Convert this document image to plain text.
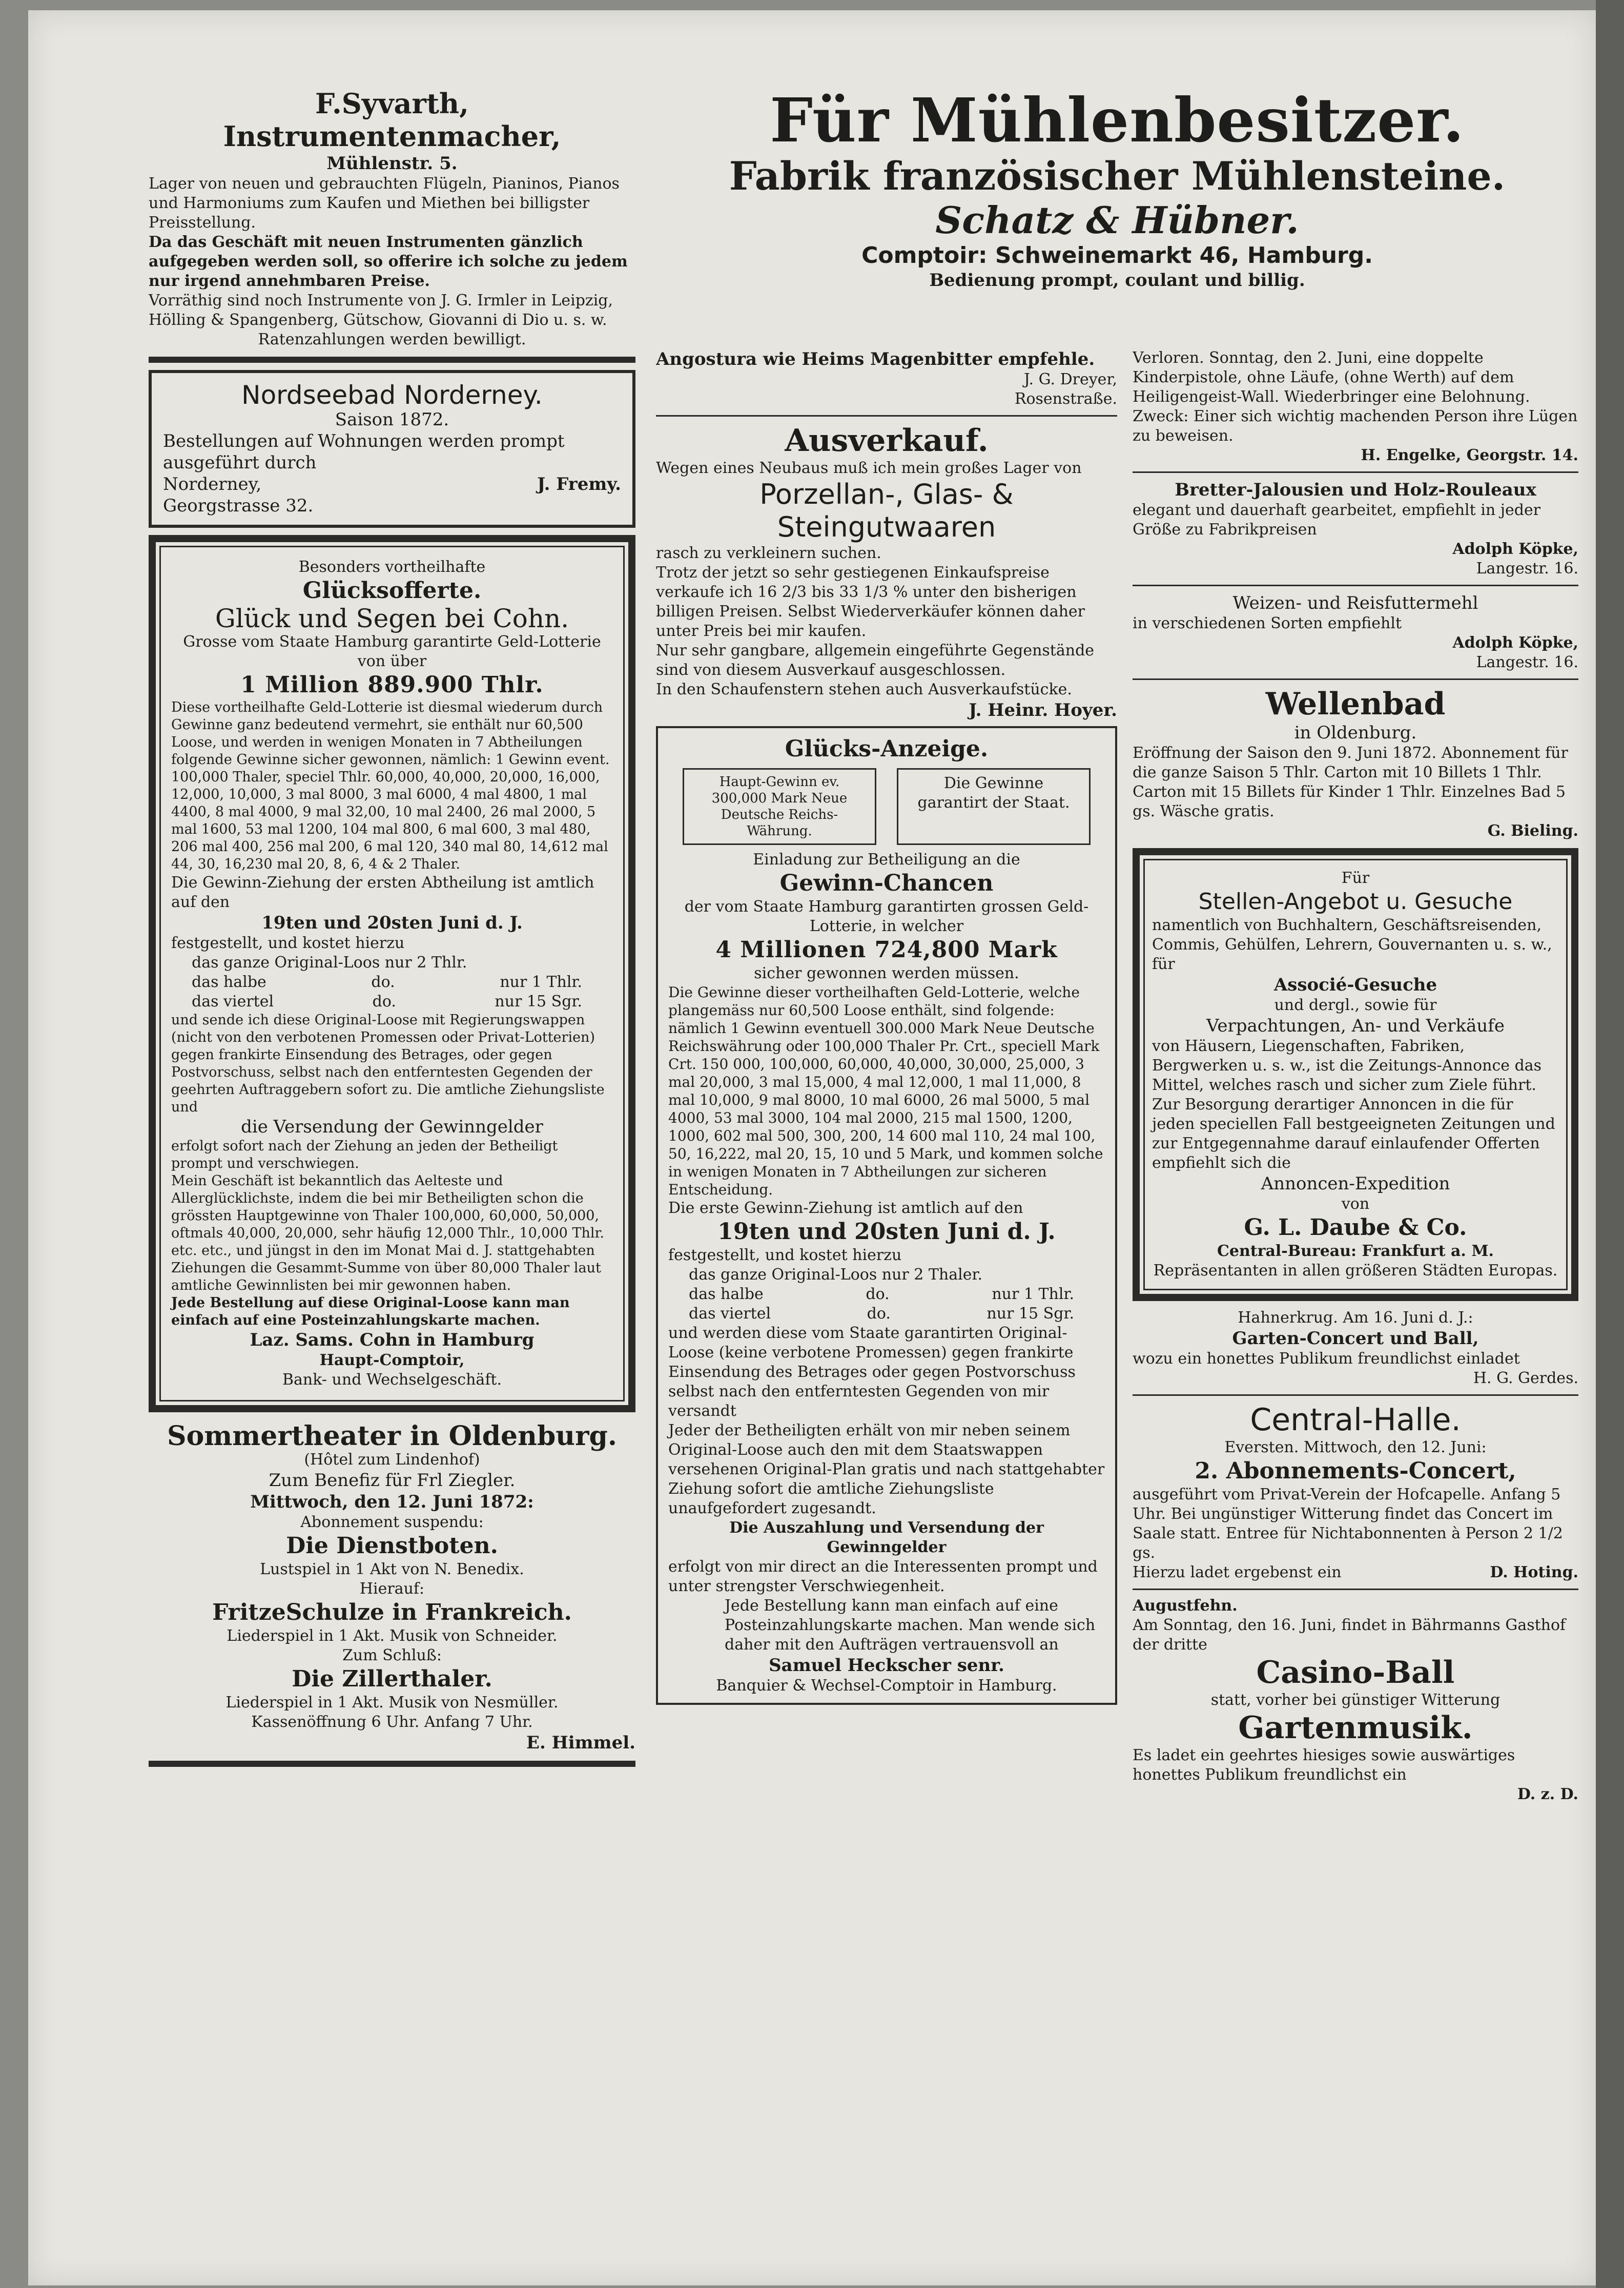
Für Mühlenbesitzer.
Fabrik französischer Mühlensteine.
Schatz & Hübner.
Comptoir: Schweinemarkt 46, Hamburg.
Bedienung prompt, coulant und billig.
F.Syvarth, Instrumentenmacher,
Mühlenstr. 5.

Lager von neuen und gebrauchten Flügeln, Pianinos, Pianos und Harmoniums zum Kaufen und Miethen bei billigster Preisstellung.

Da das Geschäft mit neuen Instrumenten gänzlich aufgegeben werden soll, so offerire ich solche zu jedem nur irgend annehmbaren Preise.

Vorräthig sind noch Instrumente von J. G. Irmler in Leipzig, Hölling & Spangenberg, Gütschow, Giovanni di Dio u. s. w.

Ratenzahlungen werden bewilligt.

Nordseebad Norderney.
Saison 1872.

Bestellungen auf Wohnungen werden prompt ausgeführt durch

Norderney,	J. Fremy.
Georgstrasse 32.
Besonders vortheilhafte
Glücksofferte.
Glück und Segen bei Cohn.
Grosse vom Staate Hamburg garantirte Geld-Lotterie von über
1 Million 889.900 Thlr.

Diese vortheilhafte Geld-Lotterie ist diesmal wiederum durch Gewinne ganz bedeutend vermehrt, sie enthält nur 60,500 Loose, und werden in wenigen Monaten in 7 Abtheilungen folgende Gewinne sicher gewonnen, nämlich: 1 Gewinn event. 100,000 Thaler, speciel Thlr. 60,000, 40,000, 20,000, 16,000, 12,000, 10,000, 3 mal 8000, 3 mal 6000, 4 mal 4800, 1 mal 4400, 8 mal 4000, 9 mal 32,00, 10 mal 2400, 26 mal 2000, 5 mal 1600, 53 mal 1200, 104 mal 800, 6 mal 600, 3 mal 480, 206 mal 400, 256 mal 200, 6 mal 120, 340 mal 80, 14,612 mal 44, 30, 16,230 mal 20, 8, 6, 4 & 2 Thaler.

Die Gewinn-Ziehung der ersten Abtheilung ist amtlich auf den

19ten und 20sten Juni d. J.

festgestellt, und kostet hierzu

das ganze Original-Loos nur 2 Thlr.
das halbe	do.	nur 1 Thlr.
das viertel	do.	nur 15 Sgr.

und sende ich diese Original-Loose mit Regierungswappen (nicht von den verbotenen Promessen oder Privat-Lotterien) gegen frankirte Einsendung des Betrages, oder gegen Postvorschuss, selbst nach den entferntesten Gegenden der geehrten Auftraggebern sofort zu. Die amtliche Ziehungsliste und

die Versendung der Gewinngelder

erfolgt sofort nach der Ziehung an jeden der Betheiligt prompt und verschwiegen.

Mein Geschäft ist bekanntlich das Aelteste und Allerglücklichste, indem die bei mir Betheiligten schon die grössten Hauptgewinne von Thaler 100,000, 60,000, 50,000, oftmals 40,000, 20,000, sehr häufig 12,000 Thlr., 10,000 Thlr. etc. etc., und jüngst in den im Monat Mai d. J. stattgehabten Ziehungen die Gesammt-Summe von über 80,000 Thaler laut amtliche Gewinnlisten bei mir gewonnen haben.

Jede Bestellung auf diese Original-Loose kann man einfach auf eine Posteinzahlungskarte machen.

Laz. Sams. Cohn in Hamburg
Haupt-Comptoir,
Bank- und Wechselgeschäft.
Sommertheater in Oldenburg.
(Hôtel zum Lindenhof)
Zum Benefiz für Frl Ziegler.
Mittwoch, den 12. Juni 1872:
Abonnement suspendu:
Die Dienstboten.
Lustspiel in 1 Akt von N. Benedix.
Hierauf:
FritzeSchulze in Frankreich.
Liederspiel in 1 Akt. Musik von Schneider.
Zum Schluß:
Die Zillerthaler.
Liederspiel in 1 Akt. Musik von Nesmüller.
Kassenöffnung 6 Uhr. Anfang 7 Uhr.
E. Himmel.

Angostura wie Heims Magenbitter empfehle.

J. G. Dreyer,
Rosenstraße.
Ausverkauf.

Wegen eines Neubaus muß ich mein großes Lager von

Porzellan-, Glas- & Steingutwaaren

rasch zu verkleinern suchen.

Trotz der jetzt so sehr gestiegenen Einkaufspreise verkaufe ich 16 2/3 bis 33 1/3 % unter den bisherigen billigen Preisen. Selbst Wiederverkäufer können daher unter Preis bei mir kaufen.

Nur sehr gangbare, allgemein eingeführte Gegenstände sind von diesem Ausverkauf ausgeschlossen.

In den Schaufenstern stehen auch Ausverkaufstücke.

J. Heinr. Hoyer.
Glücks-Anzeige.
Haupt-Gewinn ev. 300,000 Mark Neue Deutsche Reichs-Währung.
Die Gewinne garantirt der Staat.
Einladung zur Betheiligung an die
Gewinn-Chancen

der vom Staate Hamburg garantirten grossen Geld-Lotterie, in welcher

4 Millionen 724,800 Mark
sicher gewonnen werden müssen.

Die Gewinne dieser vortheilhaften Geld-Lotterie, welche plangemäss nur 60,500 Loose enthält, sind folgende: nämlich 1 Gewinn eventuell 300.000 Mark Neue Deutsche Reichswährung oder 100,000 Thaler Pr. Crt., speciell Mark Crt. 150 000, 100,000, 60,000, 40,000, 30,000, 25,000, 3 mal 20,000, 3 mal 15,000, 4 mal 12,000, 1 mal 11,000, 8 mal 10,000, 9 mal 8000, 10 mal 6000, 26 mal 5000, 5 mal 4000, 53 mal 3000, 104 mal 2000, 215 mal 1500, 1200, 1000, 602 mal 500, 300, 200, 14 600 mal 110, 24 mal 100, 50, 16,222, mal 20, 15, 10 und 5 Mark, und kommen solche in wenigen Monaten in 7 Abtheilungen zur sicheren Entscheidung.

Die erste Gewinn-Ziehung ist amtlich auf den

19ten und 20sten Juni d. J.

festgestellt, und kostet hierzu

das ganze Original-Loos nur 2 Thaler.
das halbe	do.	nur 1 Thlr.
das viertel	do.	nur 15 Sgr.

und werden diese vom Staate garantirten Original-Loose (keine verbotene Promessen) gegen frankirte Einsendung des Betrages oder gegen Postvorschuss selbst nach den entferntesten Gegenden von mir versandt

Jeder der Betheiligten erhält von mir neben seinem Original-Loose auch den mit dem Staatswappen versehenen Original-Plan gratis und nach stattgehabter Ziehung sofort die amtliche Ziehungsliste unaufgefordert zugesandt.

Die Auszahlung und Versendung der Gewinngelder

erfolgt von mir direct an die Interessenten prompt und unter strengster Verschwiegenheit.

Jede Bestellung kann man einfach auf eine Posteinzahlungskarte machen. Man wende sich daher mit den Aufträgen vertrauensvoll an

Samuel Heckscher senr.
Banquier & Wechsel-Comptoir in Hamburg.

Verloren. Sonntag, den 2. Juni, eine doppelte Kinderpistole, ohne Läufe, (ohne Werth) auf dem Heiligengeist-Wall. Wiederbringer eine Belohnung. Zweck: Einer sich wichtig machenden Person ihre Lügen zu beweisen.

H. Engelke, Georgstr. 14.
Bretter-Jalousien und Holz-Rouleaux

elegant und dauerhaft gearbeitet, empfiehlt in jeder Größe zu Fabrikpreisen

Adolph Köpke,
Langestr. 16.
Weizen- und Reisfuttermehl

in verschiedenen Sorten empfiehlt

Adolph Köpke,
Langestr. 16.
Wellenbad
in Oldenburg.

Eröffnung der Saison den 9. Juni 1872. Abonnement für die ganze Saison 5 Thlr. Carton mit 10 Billets 1 Thlr. Carton mit 15 Billets für Kinder 1 Thlr. Einzelnes Bad 5 gs. Wäsche gratis.

G. Bieling.
Für
Stellen-Angebot u. Gesuche

namentlich von Buchhaltern, Geschäftsreisenden, Commis, Gehülfen, Lehrern, Gouvernanten u. s. w., für

Associé-Gesuche
und dergl., sowie für
Verpachtungen, An- und Verkäufe

von Häusern, Liegenschaften, Fabriken, Bergwerken u. s. w., ist die Zeitungs-Annonce das Mittel, welches rasch und sicher zum Ziele führt.

Zur Besorgung derartiger Annoncen in die für jeden speciellen Fall bestgeeigneten Zeitungen und zur Entgegennahme darauf einlaufender Offerten empfiehlt sich die

Annoncen-Expedition
von
G. L. Daube & Co.
Central-Bureau: Frankfurt a. M.
Repräsentanten in allen größeren Städten Europas.
Hahnerkrug. Am 16. Juni d. J.:
Garten-Concert und Ball,

wozu ein honettes Publikum freundlichst einladet

H. G. Gerdes.
Central-Halle.
Eversten. Mittwoch, den 12. Juni:
2. Abonnements-Concert,

ausgeführt vom Privat-Verein der Hofcapelle. Anfang 5 Uhr. Bei ungünstiger Witterung findet das Concert im Saale statt. Entree für Nichtabonnenten à Person 2 1/2 gs.

Hierzu ladet ergebenst ein	D. Hoting.
Augustfehn.

Am Sonntag, den 16. Juni, findet in Bährmanns Gasthof der dritte

Casino-Ball
statt, vorher bei günstiger Witterung
Gartenmusik.

Es ladet ein geehrtes hiesiges sowie auswärtiges honettes Publikum freundlichst ein

D. z. D.
